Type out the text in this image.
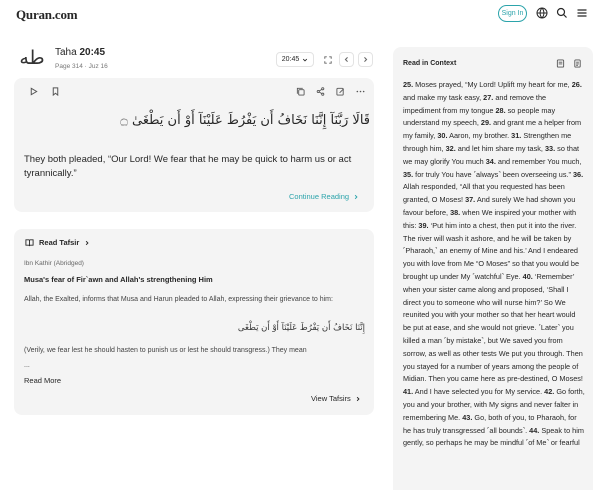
Quran.com	Sign In
طه Taha 20:45
Page 314 · Juz 16
20:45
قَالَا رَبَّنَآ إِنَّنَا نَخَافُ أَن يَفْرُطَ عَلَيْنَآ أَوْ أَن يَطْغَىٰ ۝
They both pleaded, “Our Lord! We fear that he may be quick to harm us or act tyrannically.”
Continue Reading
Read Tafsir
Ibn Kathir (Abridged)
Musa's fear of Fir`awn and Allah's strengthening Him
Allah, the Exalted, informs that Musa and Harun pleaded to Allah, expressing their grievance to him:
إِنَّنَا نَخَافُ أَن يَفْرُطَ عَلَيْنَآ أَوْ أَن يَطْغَى
(Verily, we fear lest he should hasten to punish us or lest he should transgress.) They mean
...
Read More
View Tafsirs
Read in Context
25. Moses prayed, “My Lord! Uplift my heart for me, 26. and make my task easy, 27. and remove the impediment from my tongue 28. so people may understand my speech, 29. and grant me a helper from my family, 30. Aaron, my brother. 31. Strengthen me through him, 32. and let him share my task, 33. so that we may glorify You much 34. and remember You much, 35. for truly You have ˹always˺ been overseeing us.” 36. Allah responded, “All that you requested has been granted, O Moses! 37. And surely We had shown you favour before, 38. when We inspired your mother with this: 39. ‘Put him into a chest, then put it into the river. The river will wash it ashore, and he will be taken by ˹Pharaoh,˺ an enemy of Mine and his.’ And I endeared you with love from Me “O Moses” so that you would be brought up under My ˹watchful˺ Eye. 40. ‘Remember’ when your sister came along and proposed, ‘Shall I direct you to someone who will nurse him?’ So We reunited you with your mother so that her heart would be put at ease, and she would not grieve. ˹Later˺ you killed a man ˹by mistake˺, but We saved you from sorrow, as well as other tests We put you through. Then you stayed for a number of years among the people of Midian. Then you came here as pre-destined, O Moses! 41. And I have selected you for My service. 42. Go forth, you and your brother, with My signs and never falter in remembering Me. 43. Go, both of you, to Pharaoh, for he has truly transgressed ˹all bounds˺. 44. Speak to him gently, so perhaps he may be mindful ˹of Me˺ or fearful
